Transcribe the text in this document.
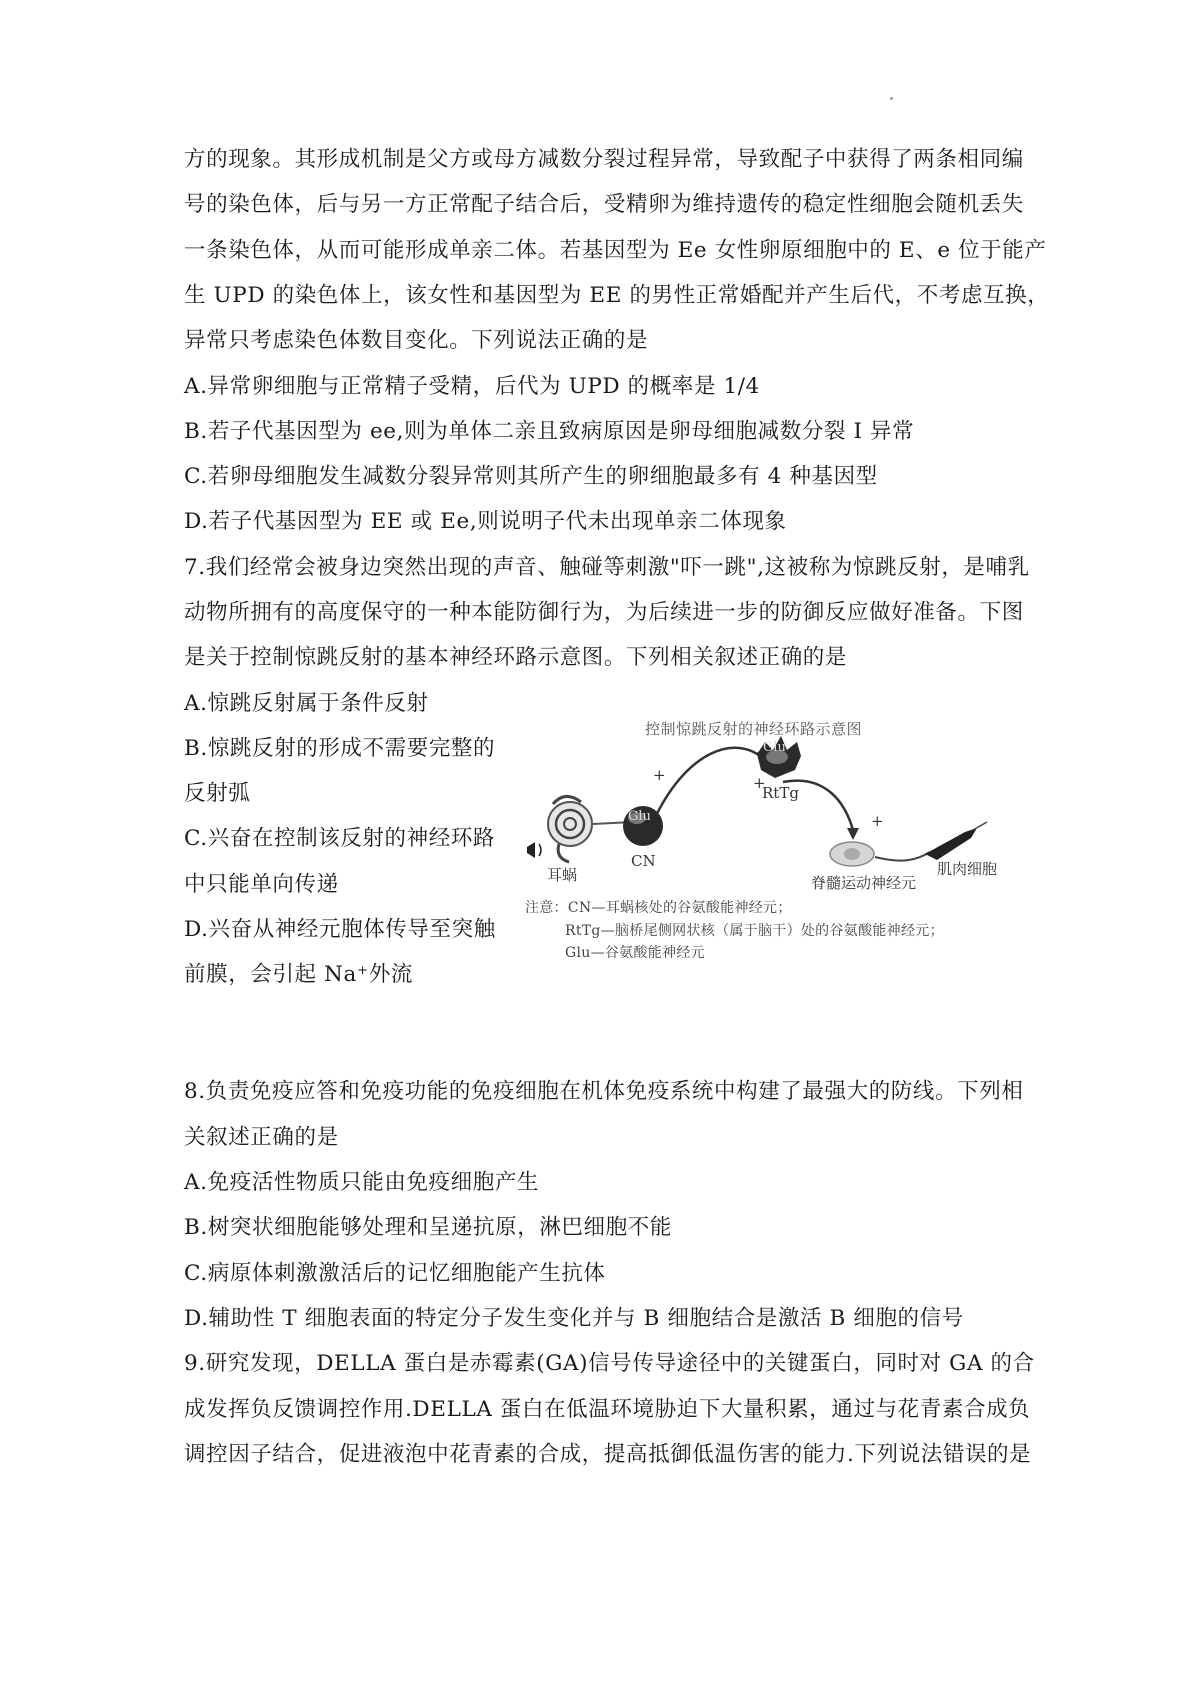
方的现象。其形成机制是父方或母方减数分裂过程异常，导致配子中获得了两条相同编
号的染色体，后与另一方正常配子结合后，受精卵为维持遗传的稳定性细胞会随机丢失
一条染色体，从而可能形成单亲二体。若基因型为 Ee 女性卵原细胞中的 E、e 位于能产
生 UPD 的染色体上，该女性和基因型为 EE 的男性正常婚配并产生后代，不考虑互换，
异常只考虑染色体数目变化。下列说法正确的是
A.异常卵细胞与正常精子受精，后代为 UPD 的概率是 1/4
B.若子代基因型为 ee,则为单体二亲且致病原因是卵母细胞减数分裂 I 异常
C.若卵母细胞发生减数分裂异常则其所产生的卵细胞最多有 4 种基因型
D.若子代基因型为 EE 或 Ee,则说明子代未出现单亲二体现象
7.我们经常会被身边突然出现的声音、触碰等刺激"吓一跳",这被称为惊跳反射，是哺乳
动物所拥有的高度保守的一种本能防御行为，为后续进一步的防御反应做好准备。下图
是关于控制惊跳反射的基本神经环路示意图。下列相关叙述正确的是
A.惊跳反射属于条件反射
B.惊跳反射的形成不需要完整的
反射弧
C.兴奋在控制该反射的神经环路
中只能单向传递
D.兴奋从神经元胞体传导至突触
前膜，会引起 Na⁺外流
8.负责免疫应答和免疫功能的免疫细胞在机体免疫系统中构建了最强大的防线。下列相
关叙述正确的是
A.免疫活性物质只能由免疫细胞产生
B.树突状细胞能够处理和呈递抗原，淋巴细胞不能
C.病原体刺激激活后的记忆细胞能产生抗体
D.辅助性 T 细胞表面的特定分子发生变化并与 B 细胞结合是激活 B 细胞的信号
9.研究发现，DELLA 蛋白是赤霉素(GA)信号传导途径中的关键蛋白，同时对 GA 的合
成发挥负反馈调控作用.DELLA 蛋白在低温环境胁迫下大量积累，通过与花青素合成负
调控因子结合，促进液泡中花青素的合成，提高抵御低温伤害的能力.下列说法错误的是
控制惊跳反射的神经环路示意图
Glu
Glu
CN
RtTg
耳蜗	脊髓运动神经元
肌肉细胞
+	+
+
注意：CN—耳蜗核处的谷氨酸能神经元；
RtTg—脑桥尾侧网状核（属于脑干）处的谷氨酸能神经元；
Glu—谷氨酸能神经元
